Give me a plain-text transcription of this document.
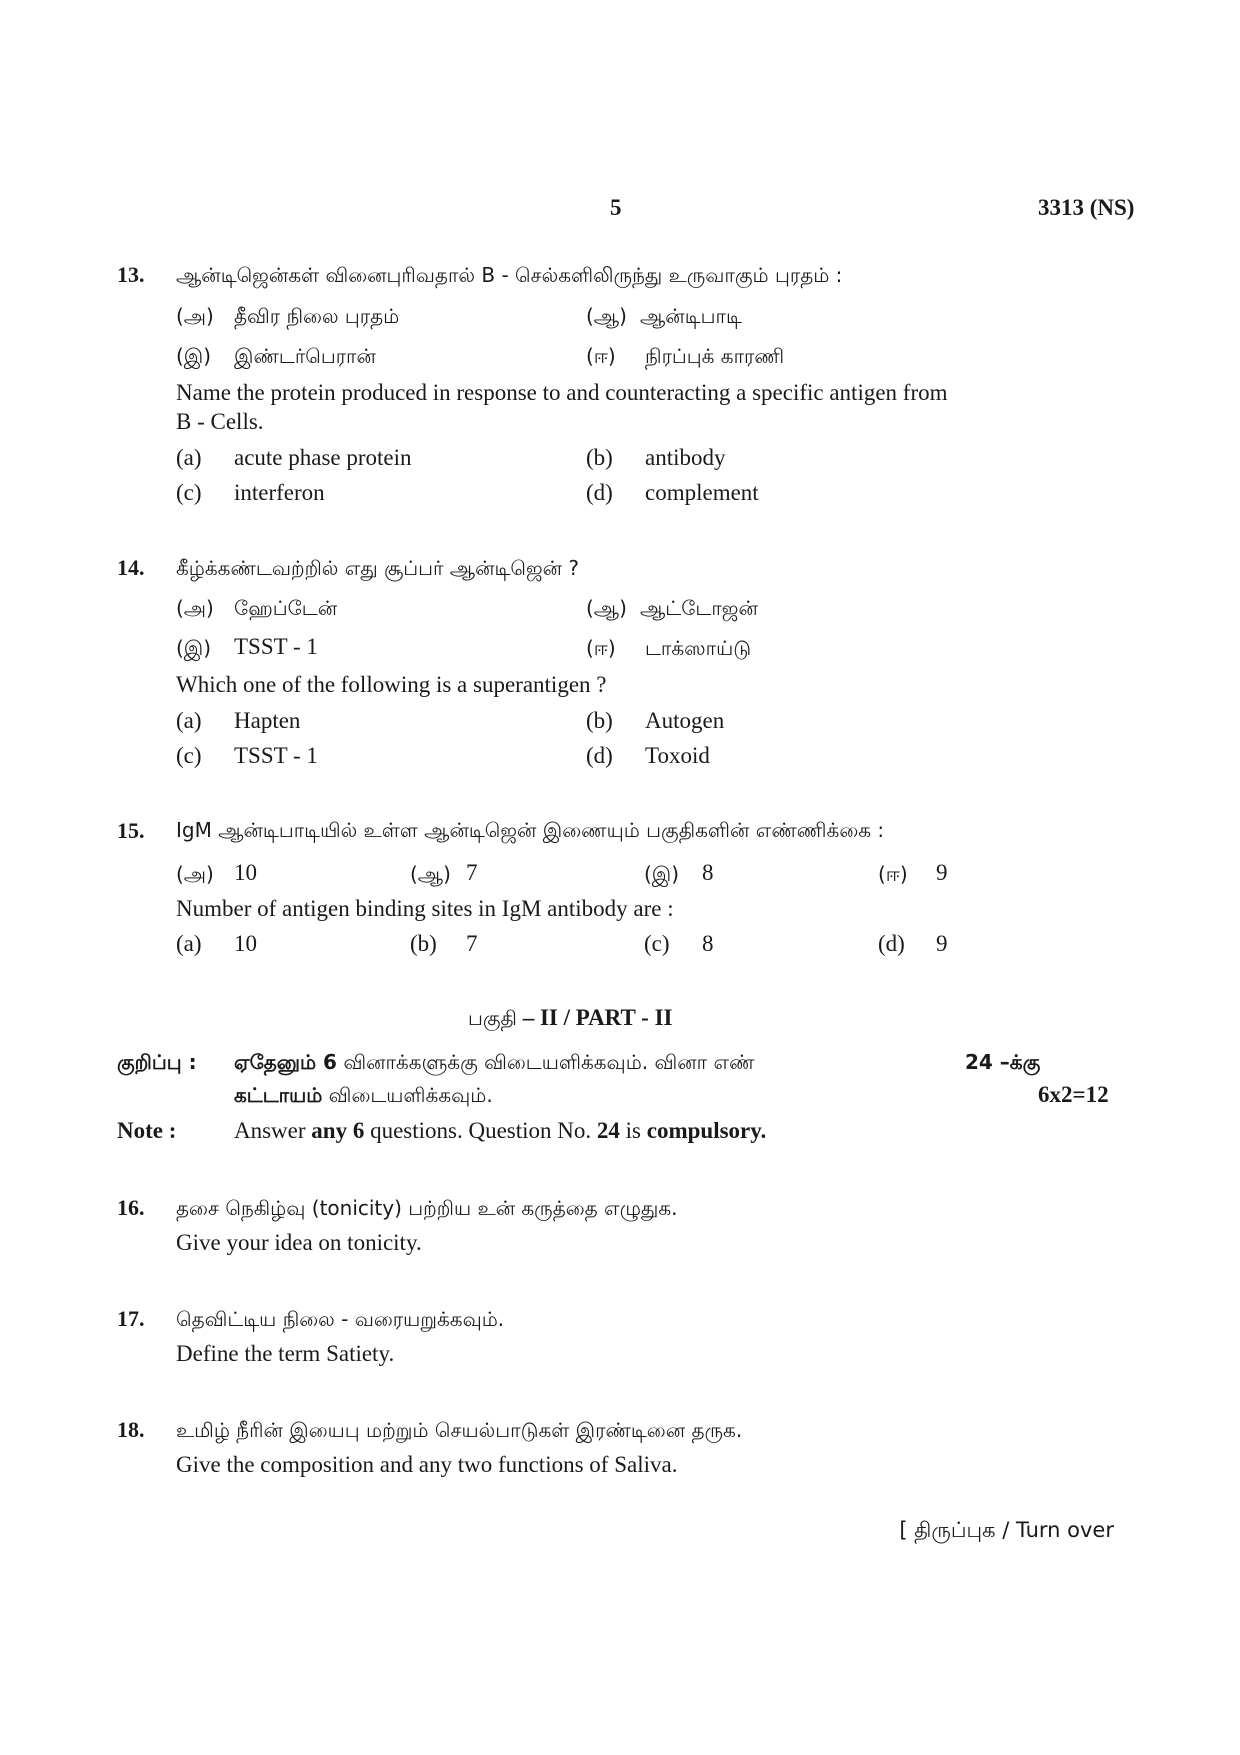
5	3313 (NS)
13. ஆன்டிஜென்கள் வினைபுரிவதால் B - செல்களிலிருந்து உருவாகும் புரதம் :
(அ) தீவிர நிலை புரதம்	(ஆ) ஆன்டிபாடி
(இ) இண்டர்பெரான்	(ஈ) நிரப்புக் காரணி
Name the protein produced in response to and counteracting a specific antigen from
B - Cells.
(a) acute phase protein	(b) antibody
(c) interferon	(d) complement
14. கீழ்க்கண்டவற்றில் எது சூப்பர் ஆன்டிஜென் ?
(அ) ஹேப்டேன்	(ஆ) ஆட்டோஜன்
(இ) TSST - 1	(ஈ) டாக்ஸாய்டு
Which one of the following is a superantigen ?
(a) Hapten	(b) Autogen
(c) TSST - 1	(d) Toxoid
15. IgM ஆன்டிபாடியில் உள்ள ஆன்டிஜென் இணையும் பகுதிகளின் எண்ணிக்கை :
(அ) 10	(ஆ) 7	(இ) 8	(ஈ) 9
Number of antigen binding sites in IgM antibody are :
(a) 10	(b) 7	(c) 8	(d) 9
பகுதி – II / PART - II
குறிப்பு : ஏதேனும் 6 வினாக்களுக்கு விடையளிக்கவும். வினா எண்	24 –க்கு
கட்டாயம் விடையளிக்கவும்.	6x2=12
Note :	Answer any 6 questions. Question No. 24 is compulsory.
16. தசை நெகிழ்வு (tonicity) பற்றிய உன் கருத்தை எழுதுக.
Give your idea on tonicity.
17. தெவிட்டிய நிலை - வரையறுக்கவும்.
Define the term Satiety.
18. உமிழ் நீரின் இயைபு மற்றும் செயல்பாடுகள் இரண்டினை தருக.
Give the composition and any two functions of Saliva.
[ திருப்புக / Turn over
